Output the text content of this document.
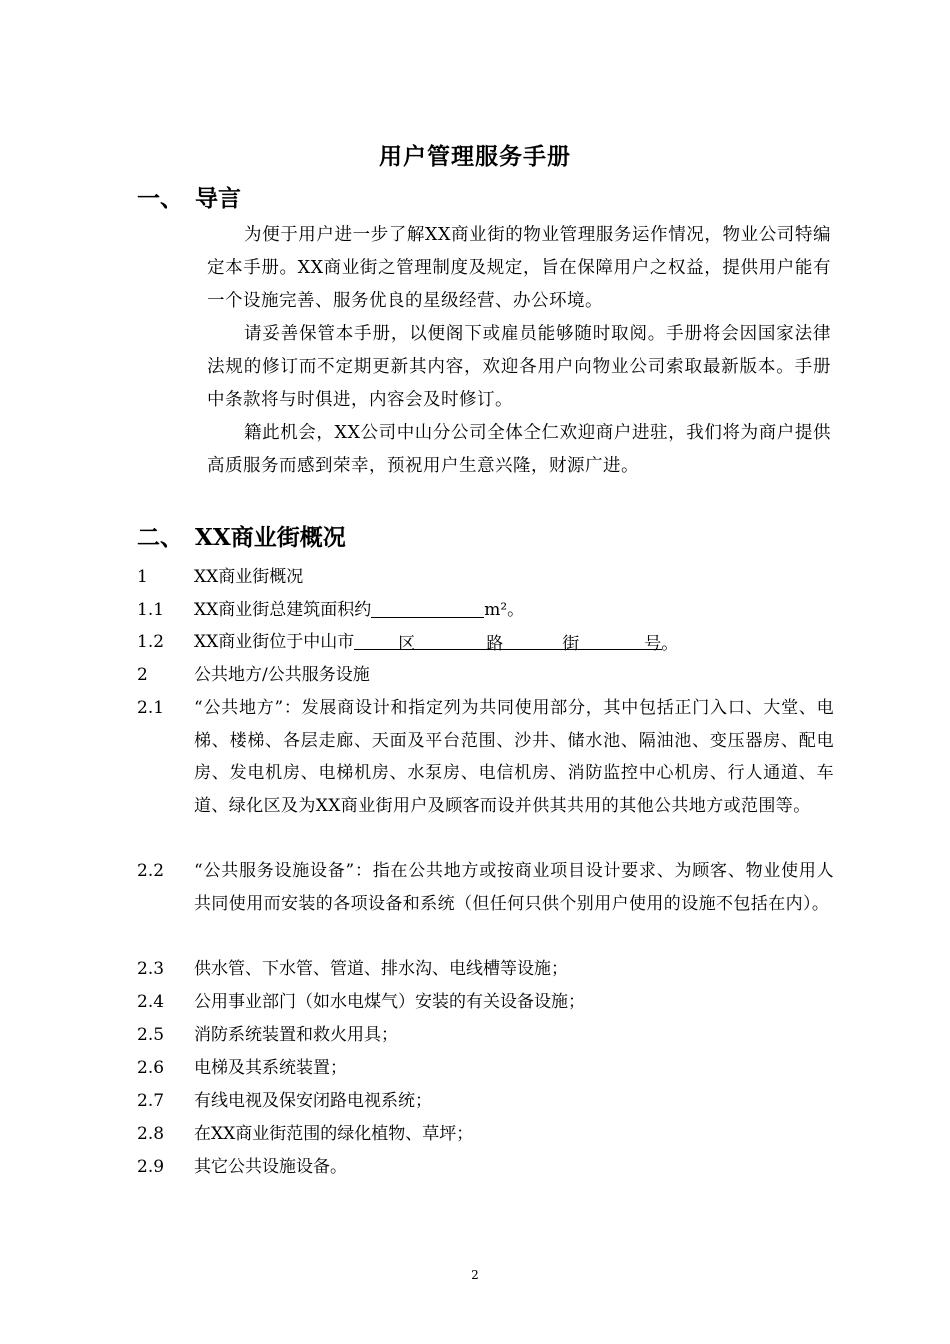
用户管理服务手册
一、 导言
为便于用户进一步了解XX商业街的物业管理服务运作情况，物业公司特编定本手册。XX商业街之管理制度及规定，旨在保障用户之权益，提供用户能有一个设施完善、服务优良的星级经营、办公环境。
请妥善保管本手册，以便阁下或雇员能够随时取阅。手册将会因国家法律法规的修订而不定期更新其内容，欢迎各用户向物业公司索取最新版本。手册中条款将与时俱进，内容会及时修订。
籍此机会，XX公司中山分公司全体仝仁欢迎商户进驻，我们将为商户提供高质服务而感到荣幸，预祝用户生意兴隆，财源广进。
二、 XX商业街概况
1	XX商业街概况
1.1	XX商业街总建筑面积约	m²。
1.2	XX商业街位于中山市	区	路	街	号。
2	公共地方/公共服务设施
2.1	“公共地方”：发展商设计和指定列为共同使用部分，其中包括正门入口、大堂、电梯、楼梯、各层走廊、天面及平台范围、沙井、储水池、隔油池、变压器房、配电房、发电机房、电梯机房、水泵房、电信机房、消防监控中心机房、行人通道、车道、绿化区及为XX商业街用户及顾客而设并供其共用的其他公共地方或范围等。
2.2	“公共服务设施设备”：指在公共地方或按商业项目设计要求、为顾客、物业使用人共同使用而安装的各项设备和系统（但任何只供个别用户使用的设施不包括在内）。
2.3	供水管、下水管、管道、排水沟、电线槽等设施；
2.4	公用事业部门（如水电煤气）安装的有关设备设施；
2.5	消防系统装置和救火用具；
2.6	电梯及其系统装置；
2.7	有线电视及保安闭路电视系统；
2.8	在XX商业街范围的绿化植物、草坪；
2.9	其它公共设施设备。
2
